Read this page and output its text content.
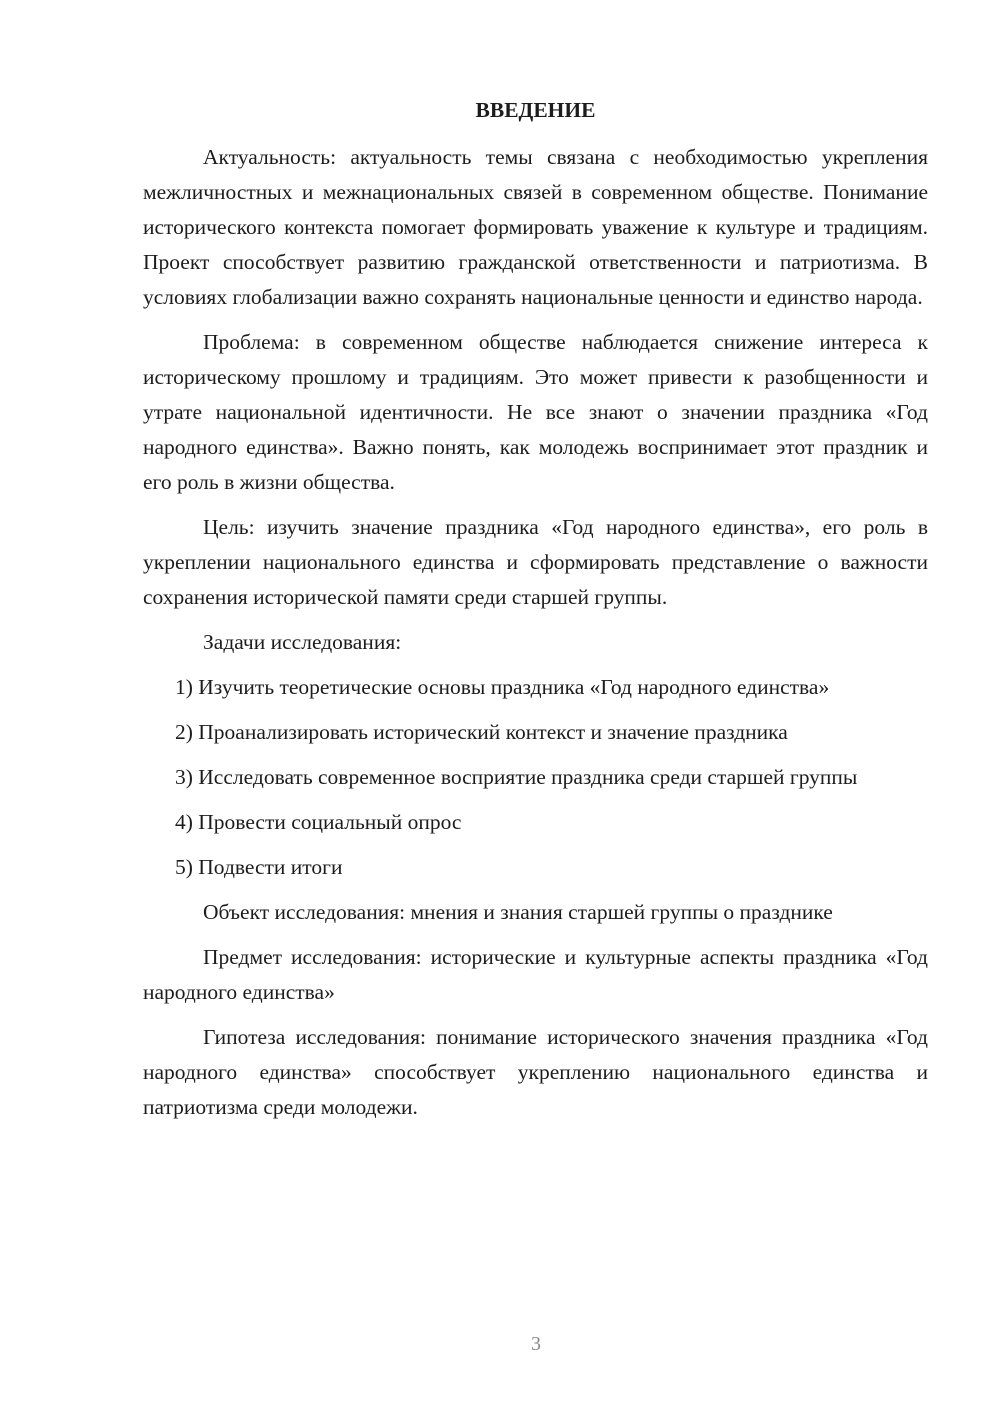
ВВЕДЕНИЕ

Актуальность: актуальность темы связана с необходимостью укрепления межличностных и межнациональных связей в современном обществе. Понимание исторического контекста помогает формировать уважение к культуре и традициям. Проект способствует развитию гражданской ответственности и патриотизма. В условиях глобализации важно сохранять национальные ценности и единство народа.

Проблема: в современном обществе наблюдается снижение интереса к историческому прошлому и традициям. Это может привести к разобщенности и утрате национальной идентичности. Не все знают о значении праздника «Год народного единства». Важно понять, как молодежь воспринимает этот праздник и его роль в жизни общества.

Цель: изучить значение праздника «Год народного единства», его роль в укреплении национального единства и сформировать представление о важности сохранения исторической памяти среди старшей группы.

Задачи исследования:

1) Изучить теоретические основы праздника «Год народного единства»

2) Проанализировать исторический контекст и значение праздника

3) Исследовать современное восприятие праздника среди старшей группы

4) Провести социальный опрос

5) Подвести итоги

Объект исследования: мнения и знания старшей группы о празднике

Предмет исследования: исторические и культурные аспекты праздника «Год народного единства»

Гипотеза исследования: понимание исторического значения праздника «Год народного единства» способствует укреплению национального единства и патриотизма среди молодежи.

3
